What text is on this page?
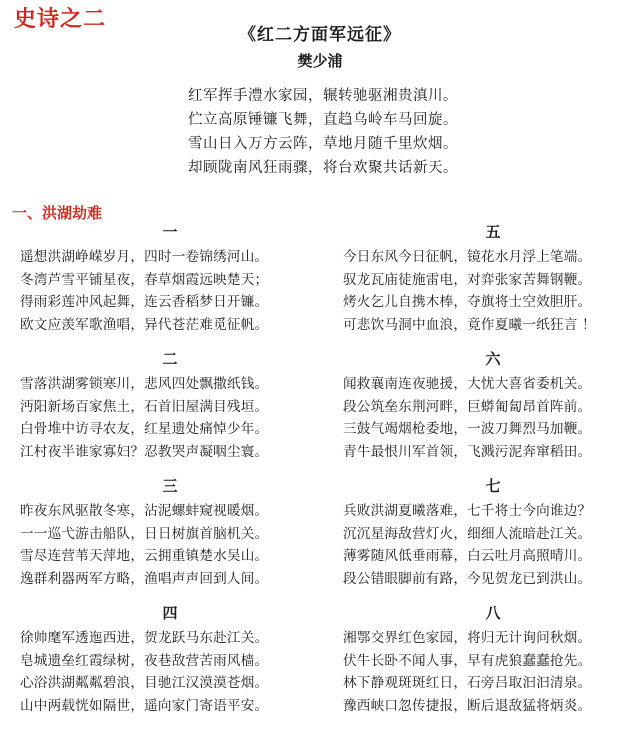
史诗之二
《红二方面军远征》
樊少浦
红军挥手澧水家园，辗转驰驱湘贵滇川。
伫立高原锤镰飞舞，直趋乌岭车马回旋。
雪山日入万方云阵，草地月随千里炊烟。
却顾陇南风狂雨骤，将台欢聚共话新天。
一、洪湖劫难
一
遥想洪湖峥嵘岁月，四时一卷锦绣河山。
冬湾芦雪平铺星夜，春草烟霞远映楚天；
得雨彩莲冲风起舞，连云香稻梦日开镰。
欧文应羡军歌渔唱，异代苍茫难觅征帆。
二
雪落洪湖雾锁寒川，悲风四处飘撒纸钱。
沔阳新场百家焦土，石首旧屋满目残垣。
白骨堆中访寻农友，红星遗处痛悼少年。
江村夜半谁家寡妇？忍教哭声凝咽尘寰。
三
昨夜东风驱散冬寒，沾泥螺蚌窥视暖烟。
一一巡弋游击船队，日日树旗首脑机关。
雪尽连营苇天萍地，云拥重镇楚水吴山。
逸群利器两军方略，渔唱声声回到人间。
四
徐帅麾军透迤西进，贺龙跃马东赴江关。
皂城遗垒红霞绿树，夜巷敌营苦雨风樯。
心浴洪湖粼粼碧浪，目驰江汉漠漠苍烟。
山中两载恍如隔世，遥向家门寄语平安。
五
今日东风今日征帆，镜花水月浮上笔端。
驭龙瓦庙徒施雷电，对弈张家苦舞钢鞭。
烤火乞儿自携木棒，夺旗将士空效胆肝。
可悲饮马洞中血浪，竟作夏曦一纸狂言 ！
六
闻救襄南连夜驰援，大忧大喜省委机关。
段公筑垒东荆河畔，巨蟒匍匐昂首阵前。
三鼓气竭烟枪委地，一波刀舞烈马加鞭。
青牛最恨川军首领，飞溅污泥奔窜稻田。
七
兵败洪湖夏曦落难，七千将士今向谁边？
沉沉星海敌营灯火，细细人流暗赴江关。
薄雾随风低垂雨幕，白云吐月高照晴川。
段公错眼脚前有路，今见贺龙已到洪山。
八
湘鄂交界红色家园，将归无计询问秋烟。
伏牛长卧不闻人事，早有虎狼蠢蠢抢先。
林下静观斑斑红日，石旁吕取汩汩清泉。
豫西峡口忽传捷报，断后退敌猛将炳炎。
